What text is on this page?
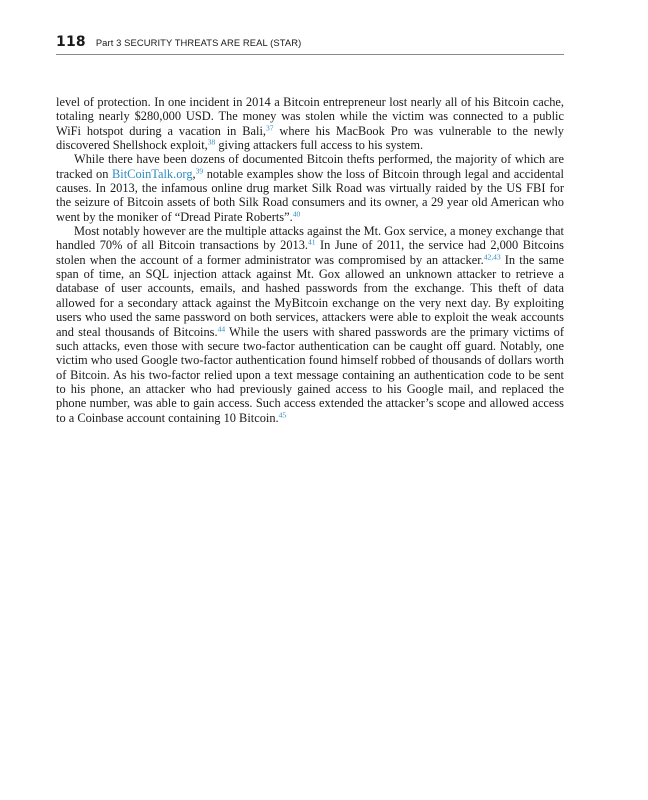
118 Part 3 SECURITY THREATS ARE REAL (STAR)

level of protection. In one incident in 2014 a Bitcoin entrepreneur lost nearly all of his Bitcoin cache, totaling nearly $280,000 USD. The money was stolen while the victim was connected to a public WiFi hotspot during a vacation in Bali,$^{37}$ where his MacBook Pro was vulnerable to the newly discovered Shellshock exploit,$^{38}$ giving attackers full access to his system.

While there have been dozens of documented Bitcoin thefts performed, the majority of which are tracked on BitCoinTalk.org,$^{39}$ notable examples show the loss of Bitcoin through legal and accidental causes. In 2013, the infamous online drug market Silk Road was virtually raided by the US FBI for the seizure of Bitcoin assets of both Silk Road consumers and its owner, a 29 year old American who went by the moniker of “Dread Pirate Roberts”.$^{40}$

Most notably however are the multiple attacks against the Mt. Gox service, a money exchange that handled 70% of all Bitcoin transactions by 2013.41 In June of 2011, the service had 2,000 Bitcoins stolen when the account of a former administrator was compromised by an attacker.$^{42,43}$ In the same span of time, an SQL injection attack against Mt. Gox allowed an unknown attacker to retrieve a database of user accounts, emails, and hashed passwords from the exchange. This theft of data allowed for a secondary attack against the MyBitcoin exchange on the very next day. By exploiting users who used the same password on both services, attackers were able to exploit the weak accounts and steal thousands of Bitcoins.$^{44}$ While the users with shared passwords are the primary victims of such attacks, even those with secure two-factor authentication can be caught off guard. Notably, one victim who used Google two-factor authentication found himself robbed of thousands of dollars worth of Bitcoin. As his two-factor relied upon a text message containing an authentication code to be sent to his phone, an attacker who had previously gained access to his Google mail, and replaced the phone number, was able to gain access. Such access extended the attacker’s scope and allowed access to a Coinbase account containing 10 Bitcoin.$^{45}$
